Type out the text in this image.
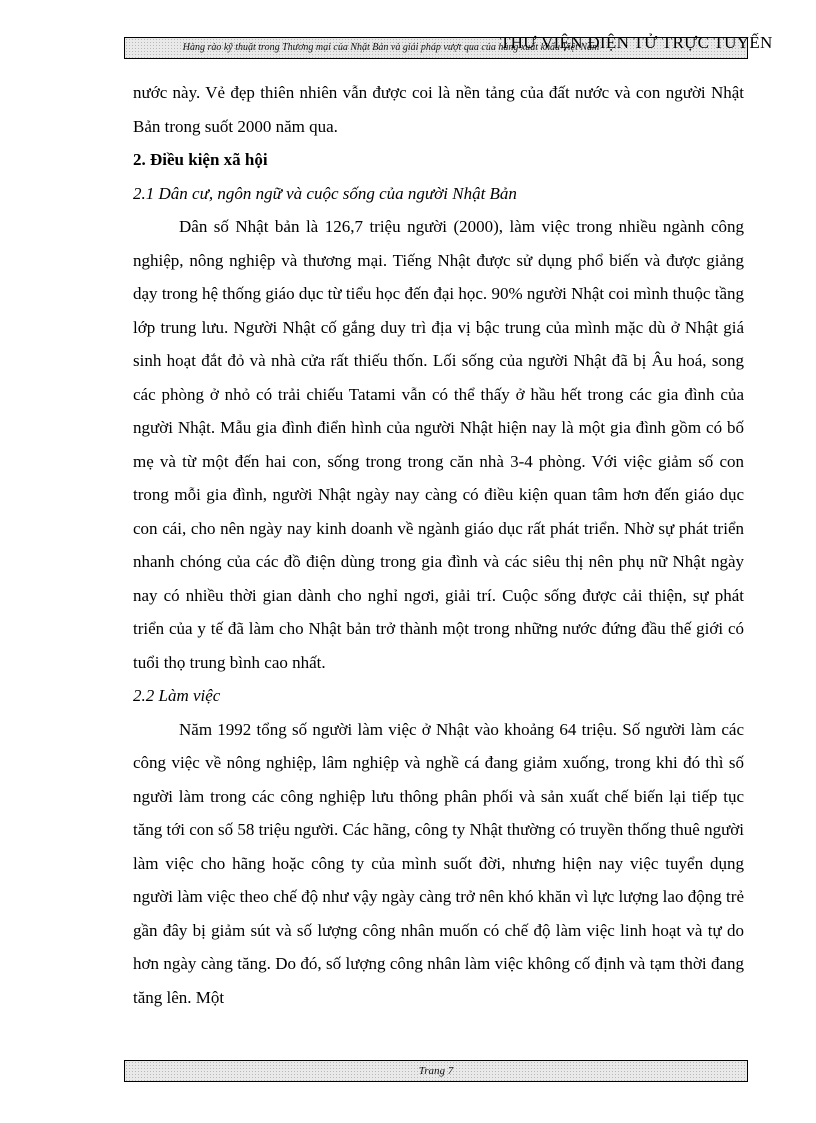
Hàng rào kỹ thuật trong Thương mại của Nhật Bản và giải pháp vượt qua của hàng xuất khẩu Việt Nam
THƯ VIỆN ĐIỆN TỬ TRỰC TUYẾN

nước này. Vẻ đẹp thiên nhiên vẫn được coi là nền tảng của đất nước và con người Nhật Bản trong suốt 2000 năm qua.

2. Điều kiện xã hội

2.1 Dân cư, ngôn ngữ và cuộc sống của người Nhật Bản

Dân số Nhật bản là 126,7 triệu người (2000), làm việc trong nhiều ngành công nghiệp, nông nghiệp và thương mại. Tiếng Nhật được sử dụng phổ biến và được giảng dạy trong hệ thống giáo dục từ tiểu học đến đại học. 90% người Nhật coi mình thuộc tầng lớp trung lưu. Người Nhật cố gắng duy trì địa vị bậc trung của mình mặc dù ở Nhật giá sinh hoạt đắt đỏ và nhà cửa rất thiếu thốn. Lối sống của người Nhật đã bị Âu hoá, song các phòng ở nhỏ có trải chiếu Tatami vẫn có thể thấy ở hầu hết trong các gia đình của người Nhật. Mẫu gia đình điển hình của người Nhật hiện nay là một gia đình gồm có bố mẹ và từ một đến hai con, sống trong trong căn nhà 3-4 phòng. Với việc giảm số con trong mỗi gia đình, người Nhật ngày nay càng có điều kiện quan tâm hơn đến giáo dục con cái, cho nên ngày nay kinh doanh về ngành giáo dục rất phát triển. Nhờ sự phát triển nhanh chóng của các đồ điện dùng trong gia đình và các siêu thị nên phụ nữ Nhật ngày nay có nhiều thời gian dành cho nghỉ ngơi, giải trí. Cuộc sống được cải thiện, sự phát triển của y tế đã làm cho Nhật bản trở thành một trong những nước đứng đầu thế giới có tuổi thọ trung bình cao nhất.

2.2 Làm việc

Năm 1992 tổng số người làm việc ở Nhật vào khoảng 64 triệu. Số người làm các công việc về nông nghiệp, lâm nghiệp và nghề cá đang giảm xuống, trong khi đó thì số người làm trong các công nghiệp lưu thông phân phối và sản xuất chế biến lại tiếp tục tăng tới con số 58 triệu người. Các hãng, công ty Nhật thường có truyền thống thuê người làm việc cho hãng hoặc công ty của mình suốt đời, nhưng hiện nay việc tuyển dụng người làm việc theo chế độ như vậy ngày càng trở nên khó khăn vì lực lượng lao động trẻ gần đây bị giảm sút và số lượng công nhân muốn có chế độ làm việc linh hoạt và tự do hơn ngày càng tăng. Do đó, số lượng công nhân làm việc không cố định và tạm thời đang tăng lên. Một

Trang 7
